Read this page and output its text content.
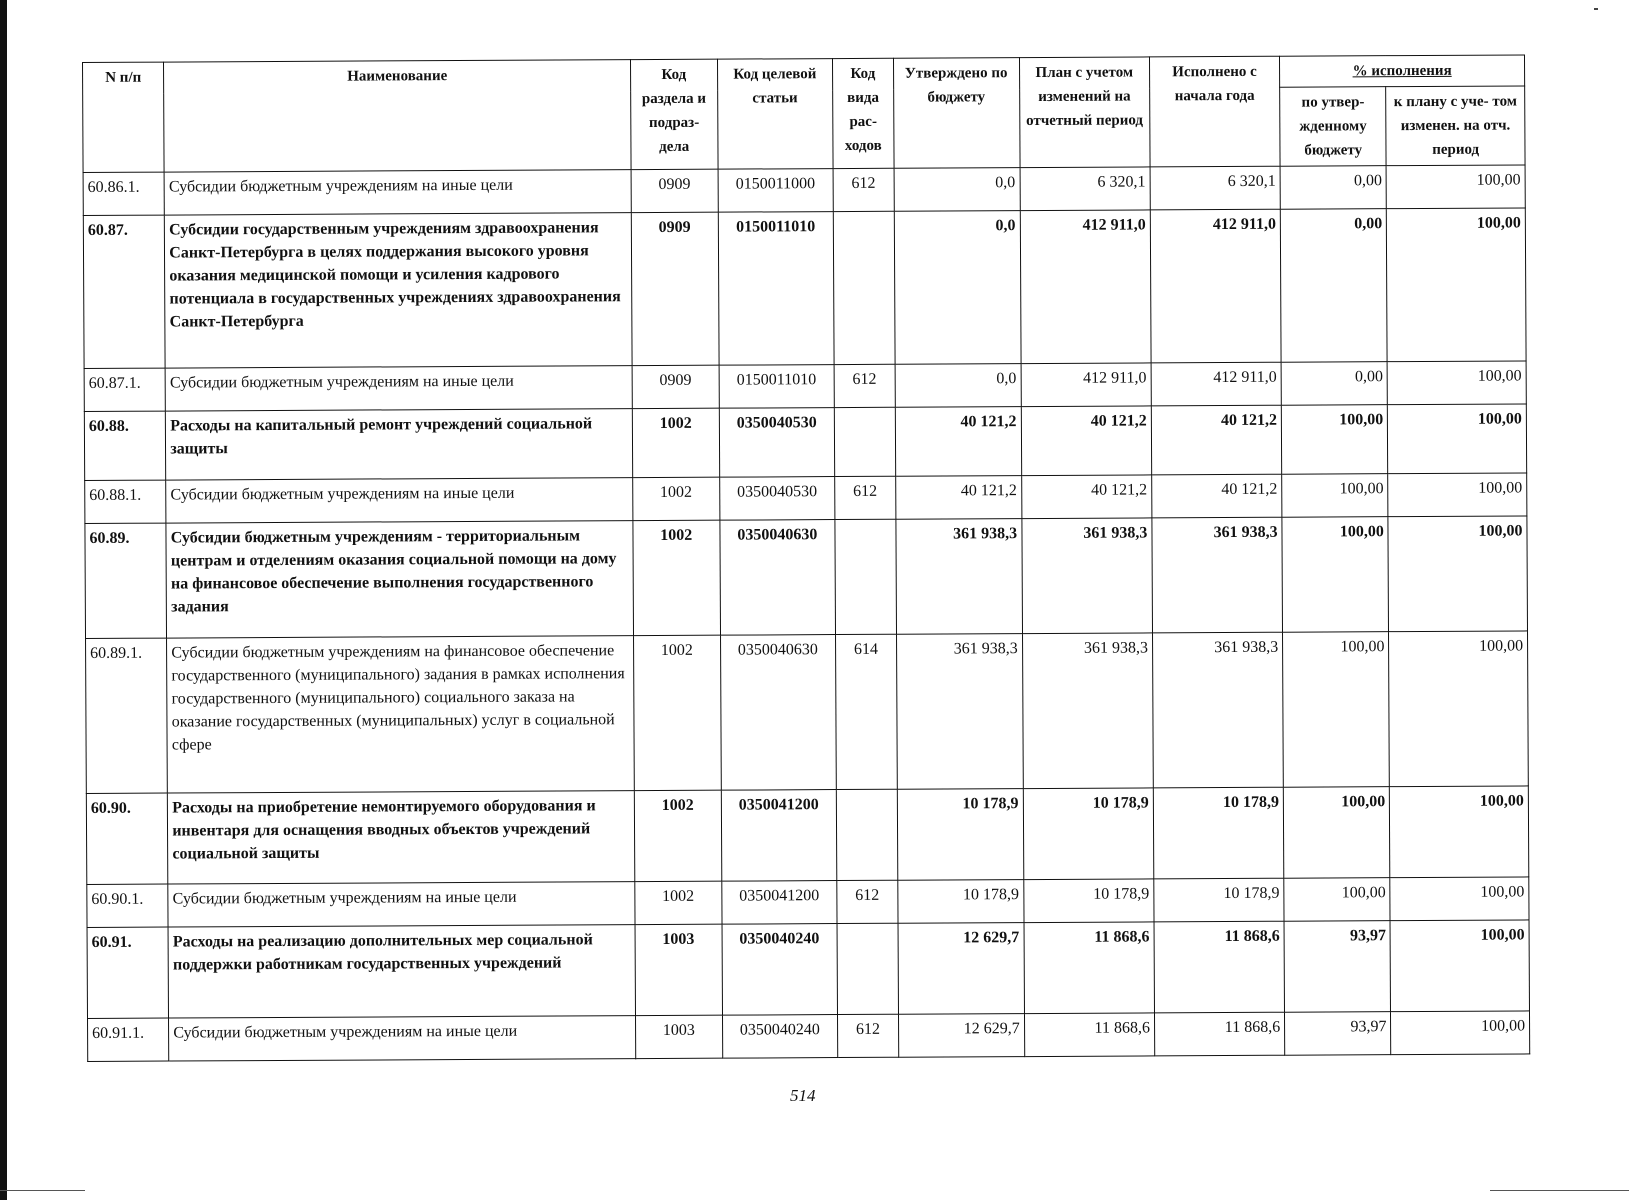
N п/п	Наименование	Код раздела и подраз- дела	Код целевой статьи	Код вида рас- ходов	Утверждено по бюджету	План с учетом изменений на отчетный период	Исполнено с начала года	% исполнения	
								по утвер- жденному бюджету	к плану с уче- том изменен. на отч. период
60.86.1.	Субсидии бюджетным учреждениям на иные цели	0909	0150011000	612	0,0	6 320,1	6 320,1	0,00	100,00
60.87.	Субсидии государственным учреждениям здравоохранения Санкт-Петербурга в целях поддержания высокого уровня оказания медицинской помощи и усиления кадрового потенциала в государственных учреждениях здравоохранения Санкт-Петербурга	0909	0150011010		0,0	412 911,0	412 911,0	0,00	100,00
60.87.1.	Субсидии бюджетным учреждениям на иные цели	0909	0150011010	612	0,0	412 911,0	412 911,0	0,00	100,00
60.88.	Расходы на капитальный ремонт учреждений социальной защиты	1002	0350040530		40 121,2	40 121,2	40 121,2	100,00	100,00
60.88.1.	Субсидии бюджетным учреждениям на иные цели	1002	0350040530	612	40 121,2	40 121,2	40 121,2	100,00	100,00
60.89.	Субсидии бюджетным учреждениям - территориальным центрам и отделениям оказания социальной помощи на дому на финансовое обеспечение выполнения государственного задания	1002	0350040630		361 938,3	361 938,3	361 938,3	100,00	100,00
60.89.1.	Субсидии бюджетным учреждениям на финансовое обеспечение государственного (муниципального) задания в рамках исполнения государственного (муниципального) социального заказа на оказание государственных (муниципальных) услуг в социальной сфере	1002	0350040630	614	361 938,3	361 938,3	361 938,3	100,00	100,00
60.90.	Расходы на приобретение немонтируемого оборудования и инвентаря для оснащения вводных объектов учреждений социальной защиты	1002	0350041200		10 178,9	10 178,9	10 178,9	100,00	100,00
60.90.1.	Субсидии бюджетным учреждениям на иные цели	1002	0350041200	612	10 178,9	10 178,9	10 178,9	100,00	100,00
60.91.	Расходы на реализацию дополнительных мер социальной поддержки работникам государственных учреждений	1003	0350040240		12 629,7	11 868,6	11 868,6	93,97	100,00
60.91.1.	Субсидии бюджетным учреждениям на иные цели	1003	0350040240	612	12 629,7	11 868,6	11 868,6	93,97	100,00
514
